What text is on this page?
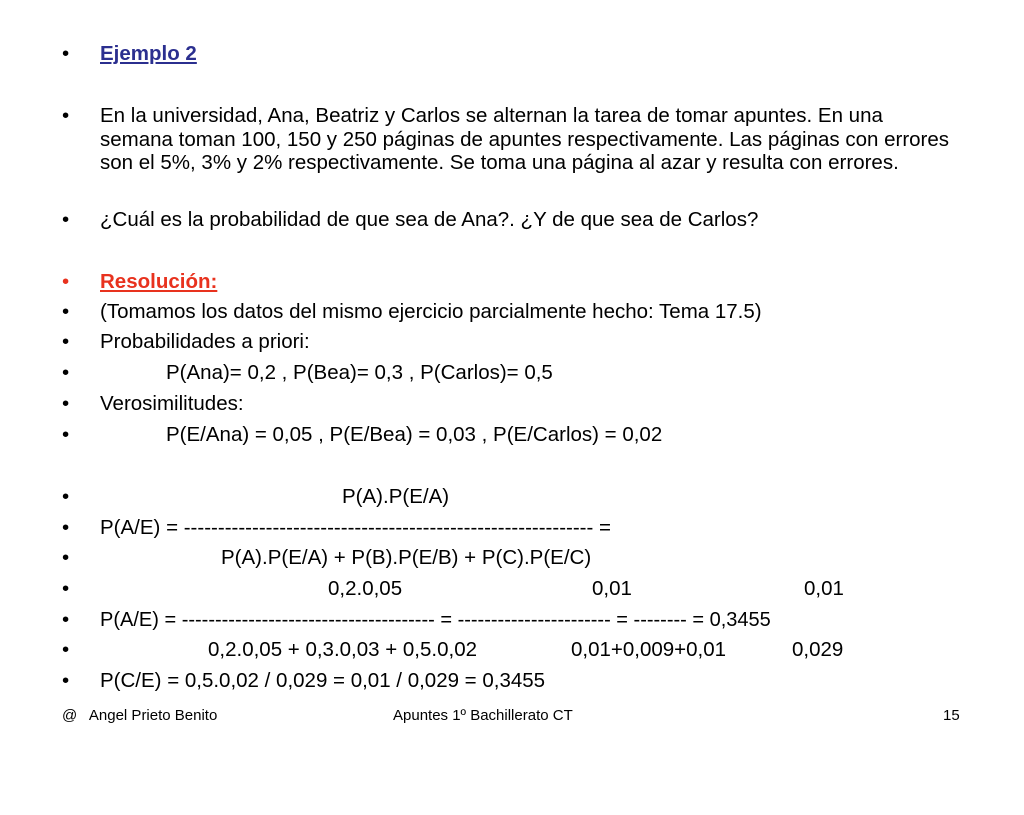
•

Ejemplo 2

•

En la universidad, Ana, Beatriz y Carlos se alternan la tarea de tomar apuntes. En una semana toman 100, 150 y 250 páginas de apuntes respectivamente. Las páginas con errores son el 5%, 3% y 2% respectivamente. Se toma una página al azar y resulta con errores.

•

¿Cuál es la probabilidad de que sea de Ana?. ¿Y de que sea de Carlos?

•

Resolución:

•

(Tomamos los datos del mismo ejercicio parcialmente hecho: Tema 17.5)

•

Probabilidades a priori:

•

	P(Ana)= 0,2 , P(Bea)= 0,3 , P(Carlos)= 0,5

•

Verosimilitudes:

•

	P(E/Ana) = 0,05 , P(E/Bea) = 0,03 , P(E/Carlos) = 0,02

•

	P(A).P(E/A)

•

P(A/E) = ------------------------------------------------------------ =

•

	P(A).P(E/A) + P(B).P(E/B) + P(C).P(E/C)

•

	0,2.0,05

	0,01

	0,01

•

P(A/E) = -------------------------------------- = ----------------------- = -------- = 0,3455

•

	0,2.0,05 + 0,3.0,03 + 0,5.0,02

	0,01+0,009+0,01

	0,029

•

P(C/E) = 0,5.0,02 / 0,029 = 0,01 / 0,029 = 0,3455

@   Angel Prieto Benito	Apuntes 1º Bachillerato CT	15
